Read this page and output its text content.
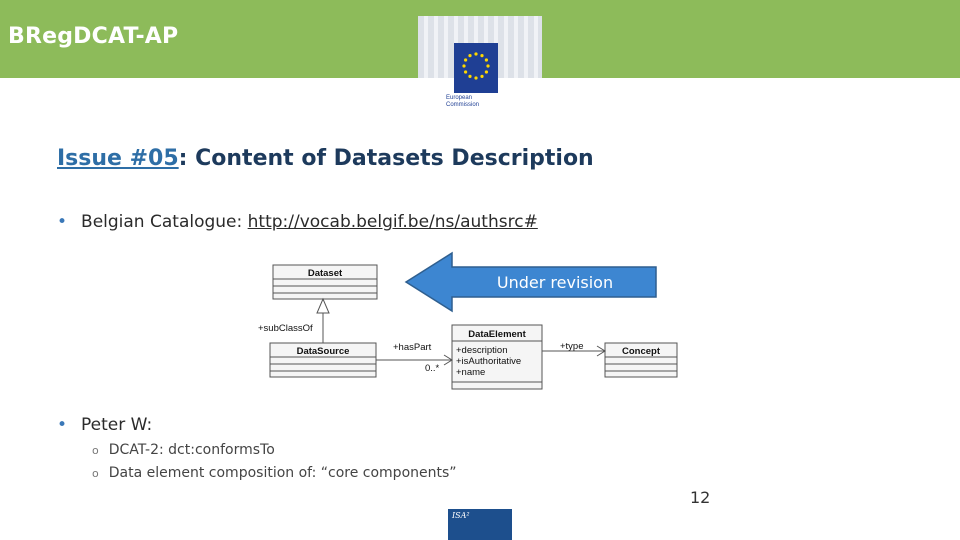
BRegDCAT-AP
European Commission
Issue #05: Content of Datasets Description
• Belgian Catalogue: http://vocab.belgif.be/ns/authsrc#
Dataset
DataSource
+subClassOf
DataElement
+description
+isAuthoritative
+name
+hasPart
0..*
Concept
+type
Under revision
• Peter W:
o DCAT-2: dct:conformsTo
o Data element composition of: “core components”
12
ISA²
